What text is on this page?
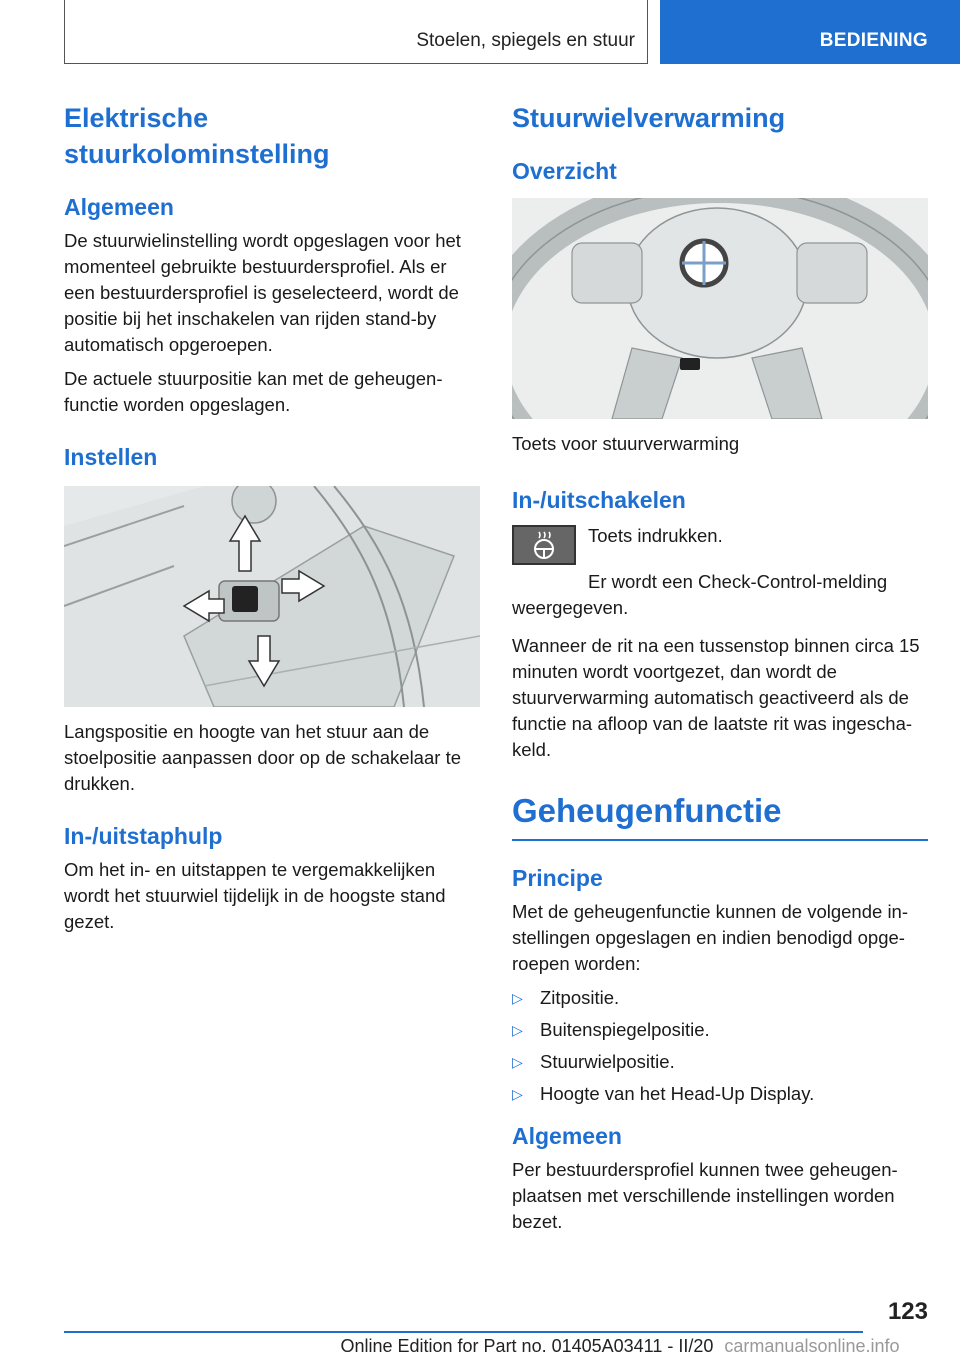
Stoelen, spiegels en stuur	BEDIENING
Elektrische stuurkolominstelling
Algemeen

De stuurwielinstelling wordt opgeslagen voor het momenteel gebruikte bestuurdersprofiel. Als er een bestuurdersprofiel is geselecteerd, wordt de positie bij het inschakelen van rijden stand-by automatisch opgeroepen.

De actuele stuurpositie kan met de geheugenfunctie worden opgeslagen.

Instellen

Langspositie en hoogte van het stuur aan de stoelpositie aanpassen door op de schakelaar te drukken.

In-/uitstaphulp

Om het in- en uitstappen te vergemakkelijken wordt het stuurwiel tijdelijk in de hoogste stand gezet.

Stuurwielverwarming
Overzicht

Toets voor stuurverwarming

In-/uitschakelen

Toets indrukken.

Er wordt een Check-Control-melding weergegeven.

Wanneer de rit na een tussenstop binnen circa 15 minuten wordt voortgezet, dan wordt de stuurverwarming automatisch geactiveerd als de functie na afloop van de laatste rit was ingeschakeld.

Geheugenfunctie
Principe

Met de geheugenfunctie kunnen de volgende instellingen opgeslagen en indien benodigd opgeroepen worden:

▷ Zitpositie.
▷ Buitenspiegelpositie.
▷ Stuurwielpositie.
▷ Hoogte van het Head-Up Display.
Algemeen

Per bestuurdersprofiel kunnen twee geheugenplaatsen met verschillende instellingen worden bezet.

123
Online Edition for Part no. 01405A03411 - II/20 carmanualsonline.info
